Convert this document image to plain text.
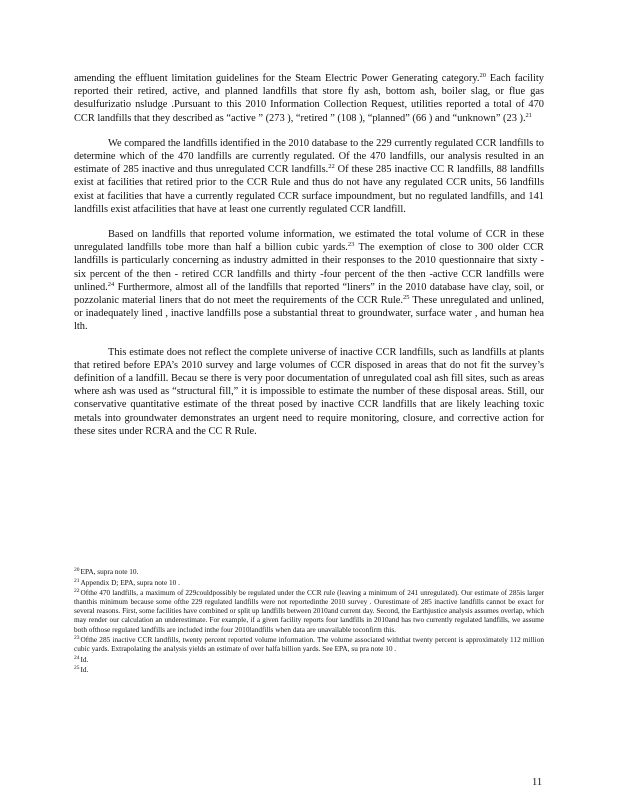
amending the effluent limitation guidelines for the Steam Electric Power Generating category.$^{20}$ Each facility reported their retired, active, and planned landfills that store fly ash, bottom ash, boiler slag, or flue gas desulfurizatio nsludge .Pursuant to this 2010 Information Collection Request, utilities reported a total of 470 CCR landfills that they described as “active ” (273 ), “retired ” (108 ), “planned” (66 ) and “unknown” (23 ).$^{21}$

We compared the landfills identified in the 2010 database to the 229 currently regulated CCR landfills to determine which of the 470 landfills are currently regulated. Of the 470 landfills, our analysis resulted in an estimate of 285 inactive and thus unregulated CCR landfills.$^{22}$ Of these 285 inactive CC R landfills, 88 landfills exist at facilities that retired prior to the CCR Rule and thus do not have any regulated CCR units, 56 landfills exist at facilities that have a currently regulated CCR surface impoundment, but no regulated landfills, and 141 landfills exist atfacilities that have at least one currently regulated CCR landfill.

Based on landfills that reported volume information, we estimated the total volume of CCR in these unregulated landfills tobe more than half a billion cubic yards.$^{23}$ The exemption of close to 300 older CCR landfills is particularly concerning as industry admitted in their responses to the 2010 questionnaire that sixty -six percent of the then - retired CCR landfills and thirty -four percent of the then -active CCR landfills were unlined.$^{24}$ Furthermore, almost all of the landfills that reported “liners” in the 2010 database have clay, soil, or pozzolanic material liners that do not meet the requirements of the CCR Rule.$^{25}$ These unregulated and unlined, or inadequately lined , inactive landfills pose a substantial threat to groundwater, surface water , and human hea lth.

This estimate does not reflect the complete universe of inactive CCR landfills, such as landfills at plants that retired before EPA’s 2010 survey and large volumes of CCR disposed in areas that do not fit the survey’s definition of a landfill. Becau se there is very poor documentation of unregulated coal ash fill sites, such as areas where ash was used as “structural fill,” it is impossible to estimate the number of these disposal areas. Still, our conservative quantitative estimate of the threat posed by inactive CCR landfills that are likely leaching toxic metals into groundwater demonstrates an urgent need to require monitoring, closure, and corrective action for these sites under RCRA and the CC R Rule.

$^{20}$EPA, supra note 10.
$^{21}$Appendix D; EPA, supra note 10 .
$^{22}$Ofthe 470 landfills, a maximum of 229couldpossibly be regulated under the CCR rule (leaving a minimum of 241 unregulated). Our estimate of 285is larger thanthis minimum because some ofthe 229 regulated landfills were not reportedinthe 2010 survey . Ourestimate of 285 inactive landfills cannot be exact for several reasons. First, some facilities have combined or split up landfills between 2010and current day. Second, the Earthjustice analysis assumes overlap, which may render our calculation an underestimate. For example, if a given facility reports four landfills in 2010and has two currently regulated landfills, we assume both ofthose regulated landfills are included inthe four 2010landfills when data are unavailable toconfirm this.
$^{23}$Ofthe 285 inactive CCR landfills, twenty percent reported volume information. The volume associated withthat twenty percent is approximately 112 million cubic yards. Extrapolating the analysis yields an estimate of over halfa billion yards. See EPA, su pra note 10 .
$^{24}$Id.
$^{25}$Id.
11
